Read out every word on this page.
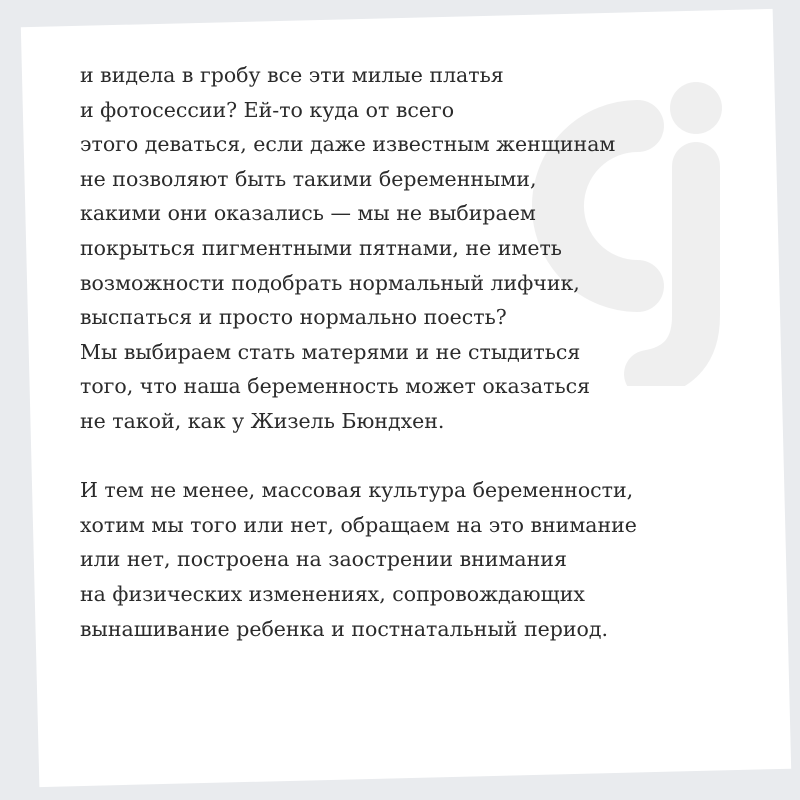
и видела в гробу все эти милые платья
и фотосессии? Ей-то куда от всего
этого деваться, если даже известным женщинам
не позволяют быть такими беременными,
какими они оказались — мы не выбираем
покрыться пигментными пятнами, не иметь
возможности подобрать нормальный лифчик,
выспаться и просто нормально поесть?
Мы выбираем стать матерями и не стыдиться
того, что наша беременность может оказаться
не такой, как у Жизель Бюндхен.
И тем не менее, массовая культура беременности,
хотим мы того или нет, обращаем на это внимание
или нет, построена на заострении внимания
на физических изменениях, сопровождающих
вынашивание ребенка и постнатальный период.
